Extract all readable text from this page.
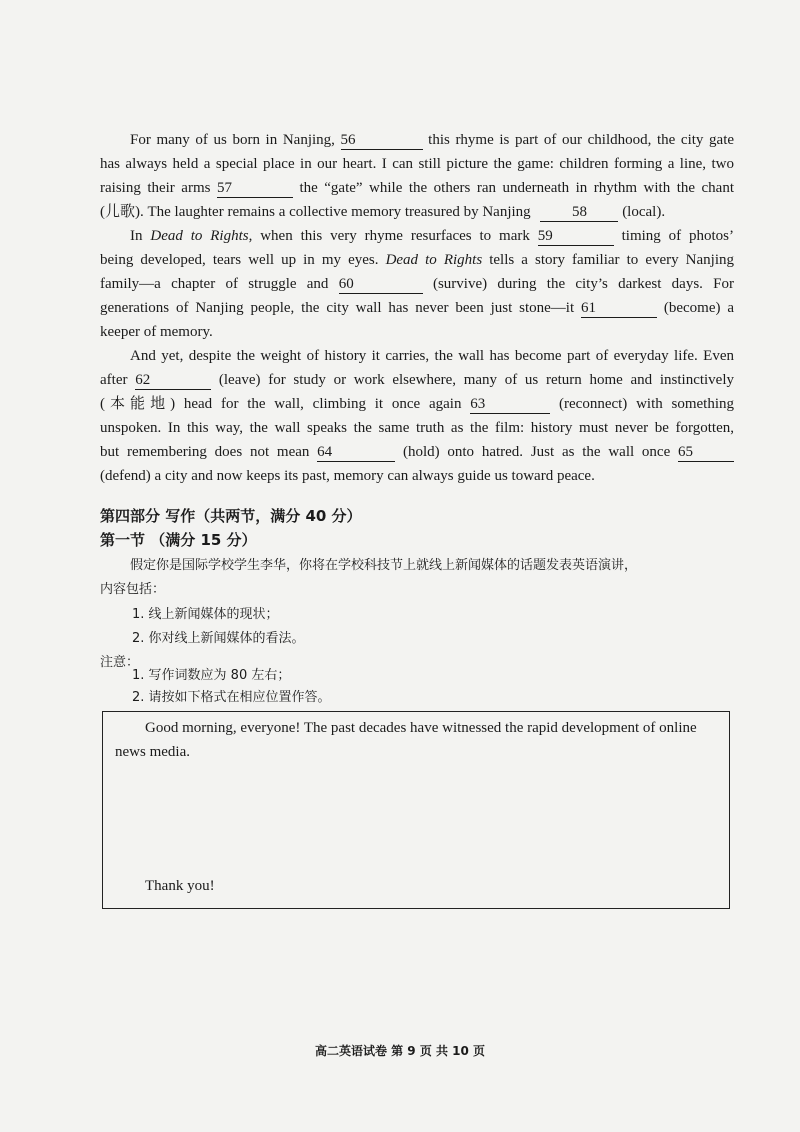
For many of us born in Nanjing, 56	this rhyme is part of our childhood, the city gate
has always held a special place in our heart. I can still picture the game: children forming a line, two
raising their arms 57	the “gate” while the others ran underneath in rhythm with the chant
(儿歌). The laughter remains a collective memory treasured by Nanjing	58 (local).
In Dead to Rights, when this very rhyme resurfaces to mark 59	timing of photos’
being developed, tears well up in my eyes. Dead to Rights tells a story familiar to every Nanjing
family—a chapter of struggle and 60	(survive) during the city’s darkest days. For
generations of Nanjing people, the city wall has never been just stone—it 61	(become) a
keeper of memory.
And yet, despite the weight of history it carries, the wall has become part of everyday life. Even
after 62	(leave) for study or work elsewhere, many of us return home and instinctively
(本能地) head for the wall, climbing it once again 63	(reconnect) with something
unspoken. In this way, the wall speaks the same truth as the film: history must never be forgotten,
but remembering does not mean 64	(hold) onto hatred. Just as the wall once 65
(defend) a city and now keeps its past, memory can always guide us toward peace.
第四部分 写作（共两节，满分 40 分）
第一节 （满分 15 分）
假定你是国际学校学生李华，你将在学校科技节上就线上新闻媒体的话题发表英语演讲，
内容包括：
1. 线上新闻媒体的现状；
2. 你对线上新闻媒体的看法。
注意：
1. 写作词数应为 80 左右；
2. 请按如下格式在相应位置作答。
Good morning, everyone! The past decades have witnessed the rapid development of online
news media.
Thank you!

高二英语试卷 第 9 页 共 10 页
